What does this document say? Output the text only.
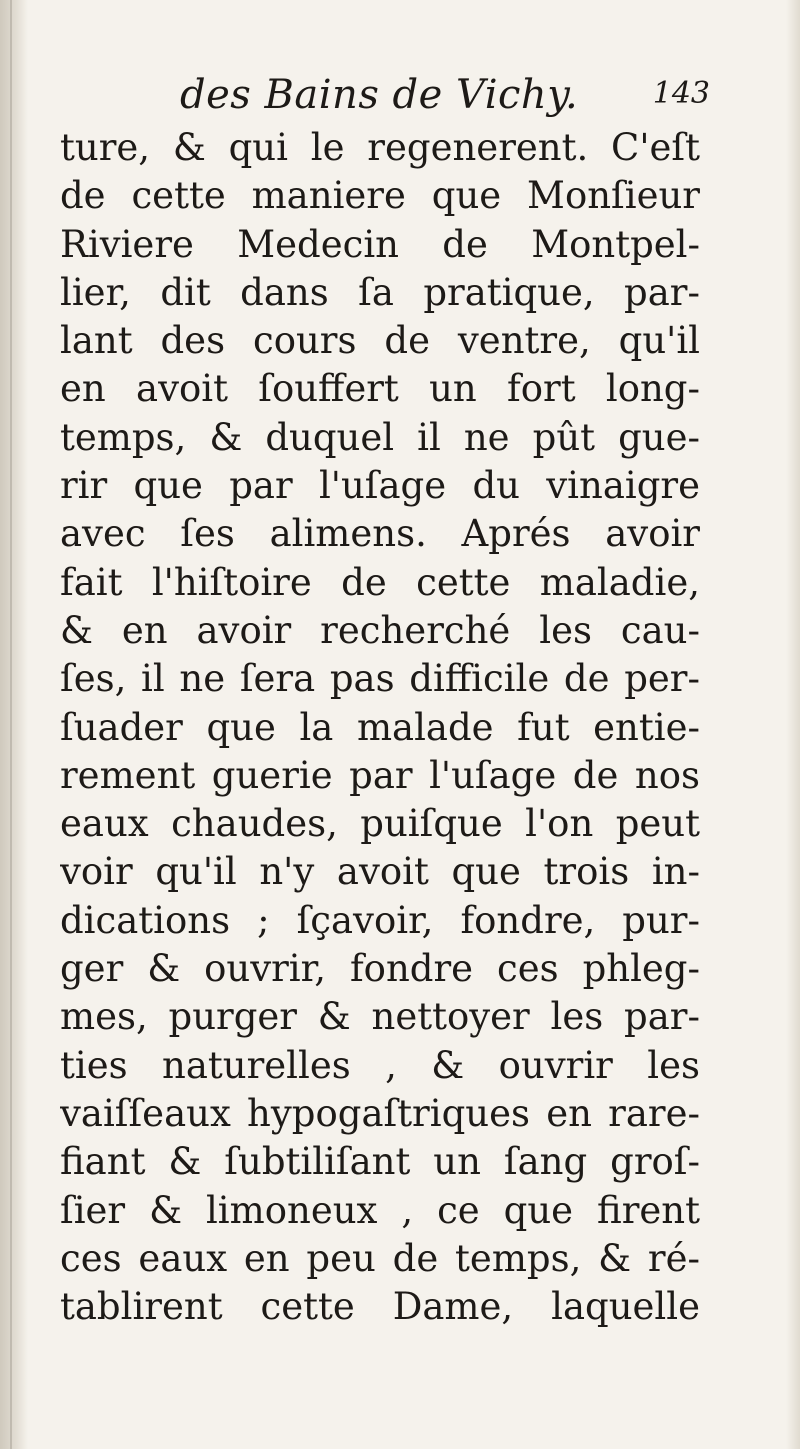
des Bains de Vichy. 143
ture, & qui le regenerent. C'eſt
de cette maniere que Monſieur
Riviere Medecin de Montpel-
lier, dit dans ſa pratique, par-
lant des cours de ventre, qu'il
en avoit ſouffert un fort long-
temps, & duquel il ne pût gue-
rir que par l'uſage du vinaigre
avec ſes alimens. Aprés avoir
fait l'hiſtoire de cette maladie,
& en avoir recherché les cau-
ſes, il ne ſera pas difficile de per-
ſuader que la malade fut entie-
rement guerie par l'uſage de nos
eaux chaudes, puiſque l'on peut
voir qu'il n'y avoit que trois in-
dications ; ſçavoir, fondre, pur-
ger & ouvrir, fondre ces phleg-
mes, purger & nettoyer les par-
ties naturelles , & ouvrir les
vaiſſeaux hypogaſtriques en rare-
fiant & ſubtiliſant un ſang groſ-
ſier & limoneux , ce que firent
ces eaux en peu de temps, & ré-
tablirent cette Dame, laquelle
